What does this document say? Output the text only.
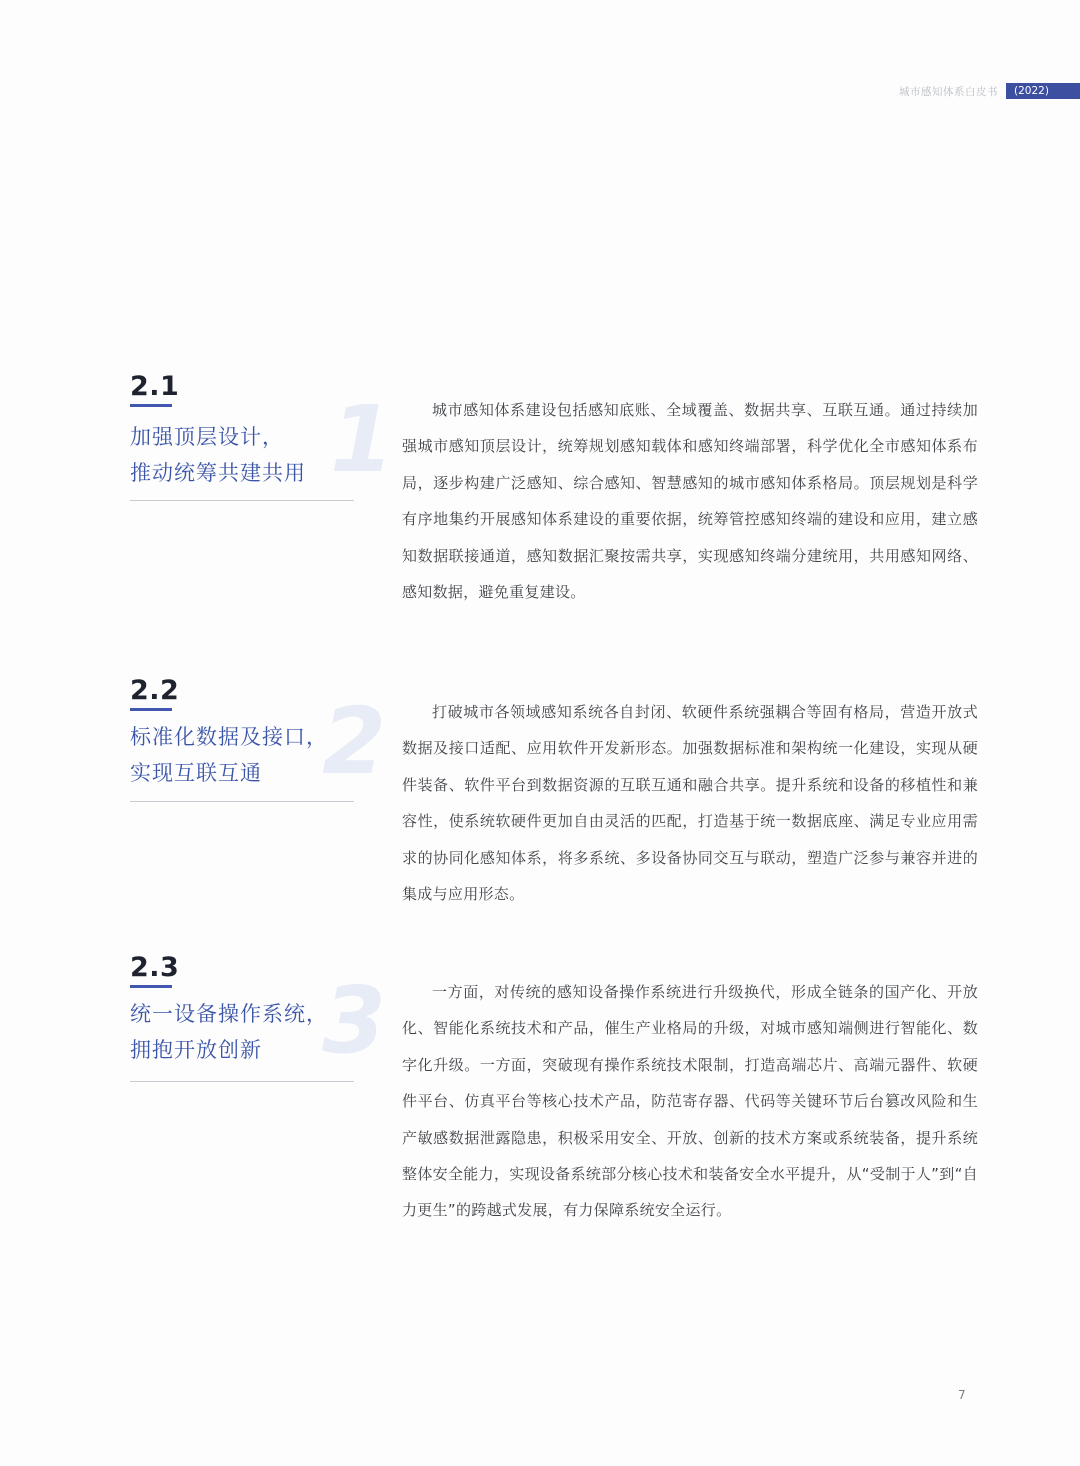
城市感知体系白皮书	(2022)
2.1
加强顶层设计，
推动统筹共建共用 1	城市感知体系建设包括感知底账、全域覆盖、数据共享、互联互通。通过持续加强城市感知顶层设计，统筹规划感知载体和感知终端部署，科学优化全市感知体系布局，逐步构建广泛感知、综合感知、智慧感知的城市感知体系格局。顶层规划是科学有序地集约开展感知体系建设的重要依据，统筹管控感知终端的建设和应用，建立感知数据联接通道，感知数据汇聚按需共享，实现感知终端分建统用，共用感知网络、感知数据，避免重复建设。
2.2
标准化数据及接口，
实现互联互通 2	打破城市各领域感知系统各自封闭、软硬件系统强耦合等固有格局，营造开放式数据及接口适配、应用软件开发新形态。加强数据标准和架构统一化建设，实现从硬件装备、软件平台到数据资源的互联互通和融合共享。提升系统和设备的移植性和兼容性，使系统软硬件更加自由灵活的匹配，打造基于统一数据底座、满足专业应用需求的协同化感知体系，将多系统、多设备协同交互与联动，塑造广泛参与兼容并进的集成与应用形态。
2.3
统一设备操作系统，
拥抱开放创新 3	一方面，对传统的感知设备操作系统进行升级换代，形成全链条的国产化、开放化、智能化系统技术和产品，催生产业格局的升级，对城市感知端侧进行智能化、数字化升级。一方面，突破现有操作系统技术限制，打造高端芯片、高端元器件、软硬件平台、仿真平台等核心技术产品，防范寄存器、代码等关键环节后台篡改风险和生产敏感数据泄露隐患，积极采用安全、开放、创新的技术方案或系统装备，提升系统整体安全能力，实现设备系统部分核心技术和装备安全水平提升，从“受制于人”到“自力更生”的跨越式发展，有力保障系统安全运行。
7
